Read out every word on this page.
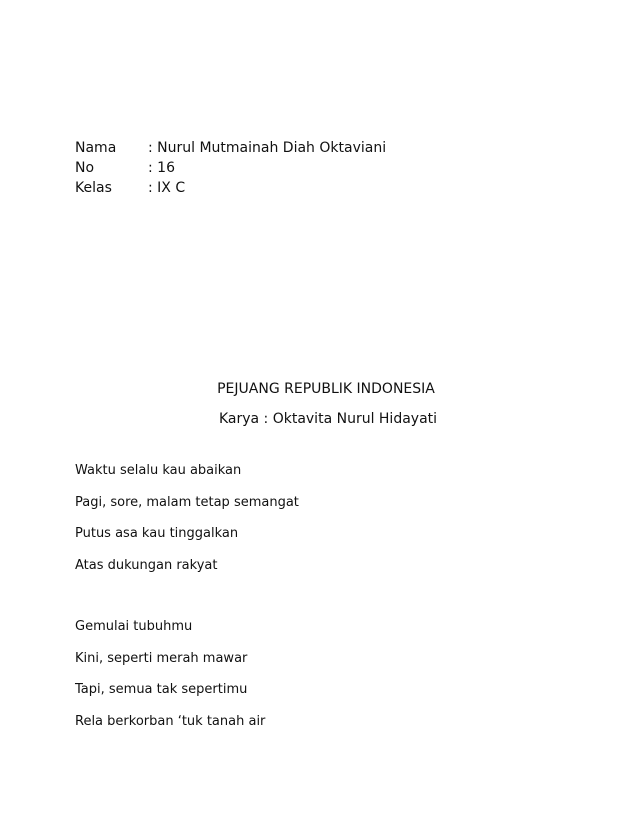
Nama	: Nurul Mutmainah Diah Oktaviani
No	: 16
Kelas	: IX C
PEJUANG REPUBLIK INDONESIA
Karya : Oktavita Nurul Hidayati
Waktu selalu kau abaikan
Pagi, sore, malam tetap semangat
Putus asa kau tinggalkan
Atas dukungan rakyat
Gemulai tubuhmu
Kini, seperti merah mawar
Tapi, semua tak sepertimu
Rela berkorban ‘tuk tanah air
